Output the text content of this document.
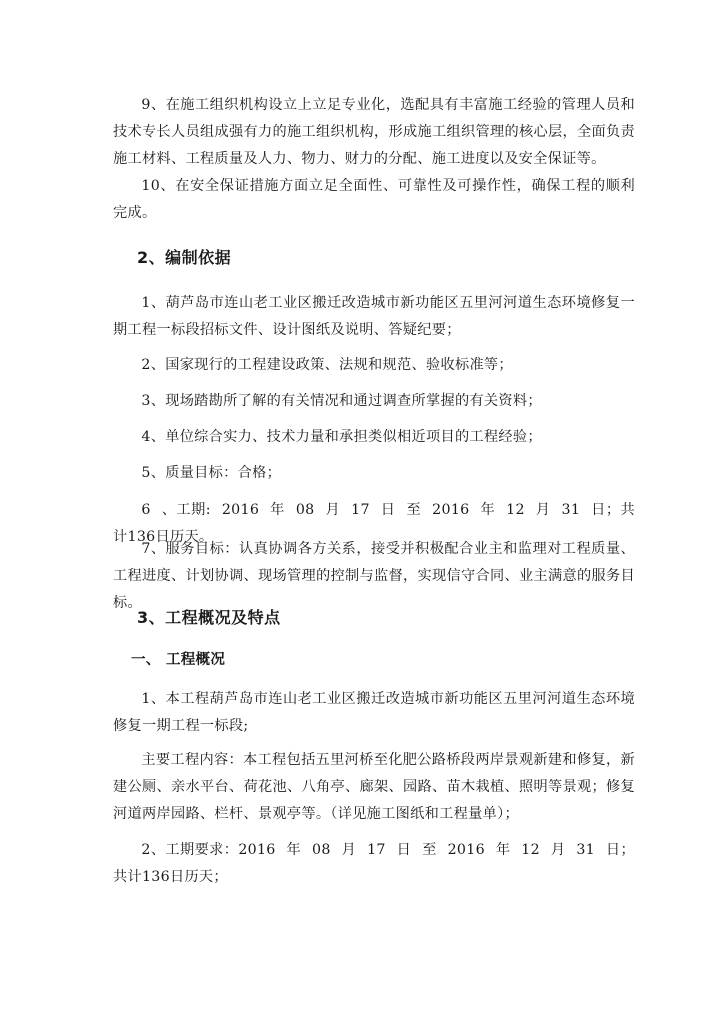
9、在施工组织机构设立上立足专业化，选配具有丰富施工经验的管理人员和技术专长人员组成强有力的施工组织机构，形成施工组织管理的核心层，全面负责施工材料、工程质量及人力、物力、财力的分配、施工进度以及安全保证等。

10、在安全保证措施方面立足全面性、可靠性及可操作性，确保工程的顺利完成。

2、编制依据

1、葫芦岛市连山老工业区搬迁改造城市新功能区五里河河道生态环境修复一期工程一标段招标文件、设计图纸及说明、答疑纪要；

2、国家现行的工程建设政策、法规和规范、验收标准等；

3、现场踏勘所了解的有关情况和通过调查所掌握的有关资料；

4、单位综合实力、技术力量和承担类似相近项目的工程经验；

5、质量目标：合格；

6 、工期: 2016 年 08 月 17 日 至 2016 年 12 月 31 日；共计136日历天。

7、服务目标：认真协调各方关系，接受并积极配合业主和监理对工程质量、工程进度、计划协调、现场管理的控制与监督，实现信守合同、业主满意的服务目标。

3、工程概况及特点
一、 工程概况

1、本工程葫芦岛市连山老工业区搬迁改造城市新功能区五里河河道生态环境修复一期工程一标段;

主要工程内容：本工程包括五里河桥至化肥公路桥段两岸景观新建和修复，新建公厕、亲水平台、荷花池、八角亭、廊架、园路、苗木栽植、照明等景观；修复河道两岸园路、栏杆、景观亭等。（详见施工图纸和工程量单）；

2、工期要求：2016 年 08 月 17 日 至 2016 年 12 月 31 日；共计136日历天；
